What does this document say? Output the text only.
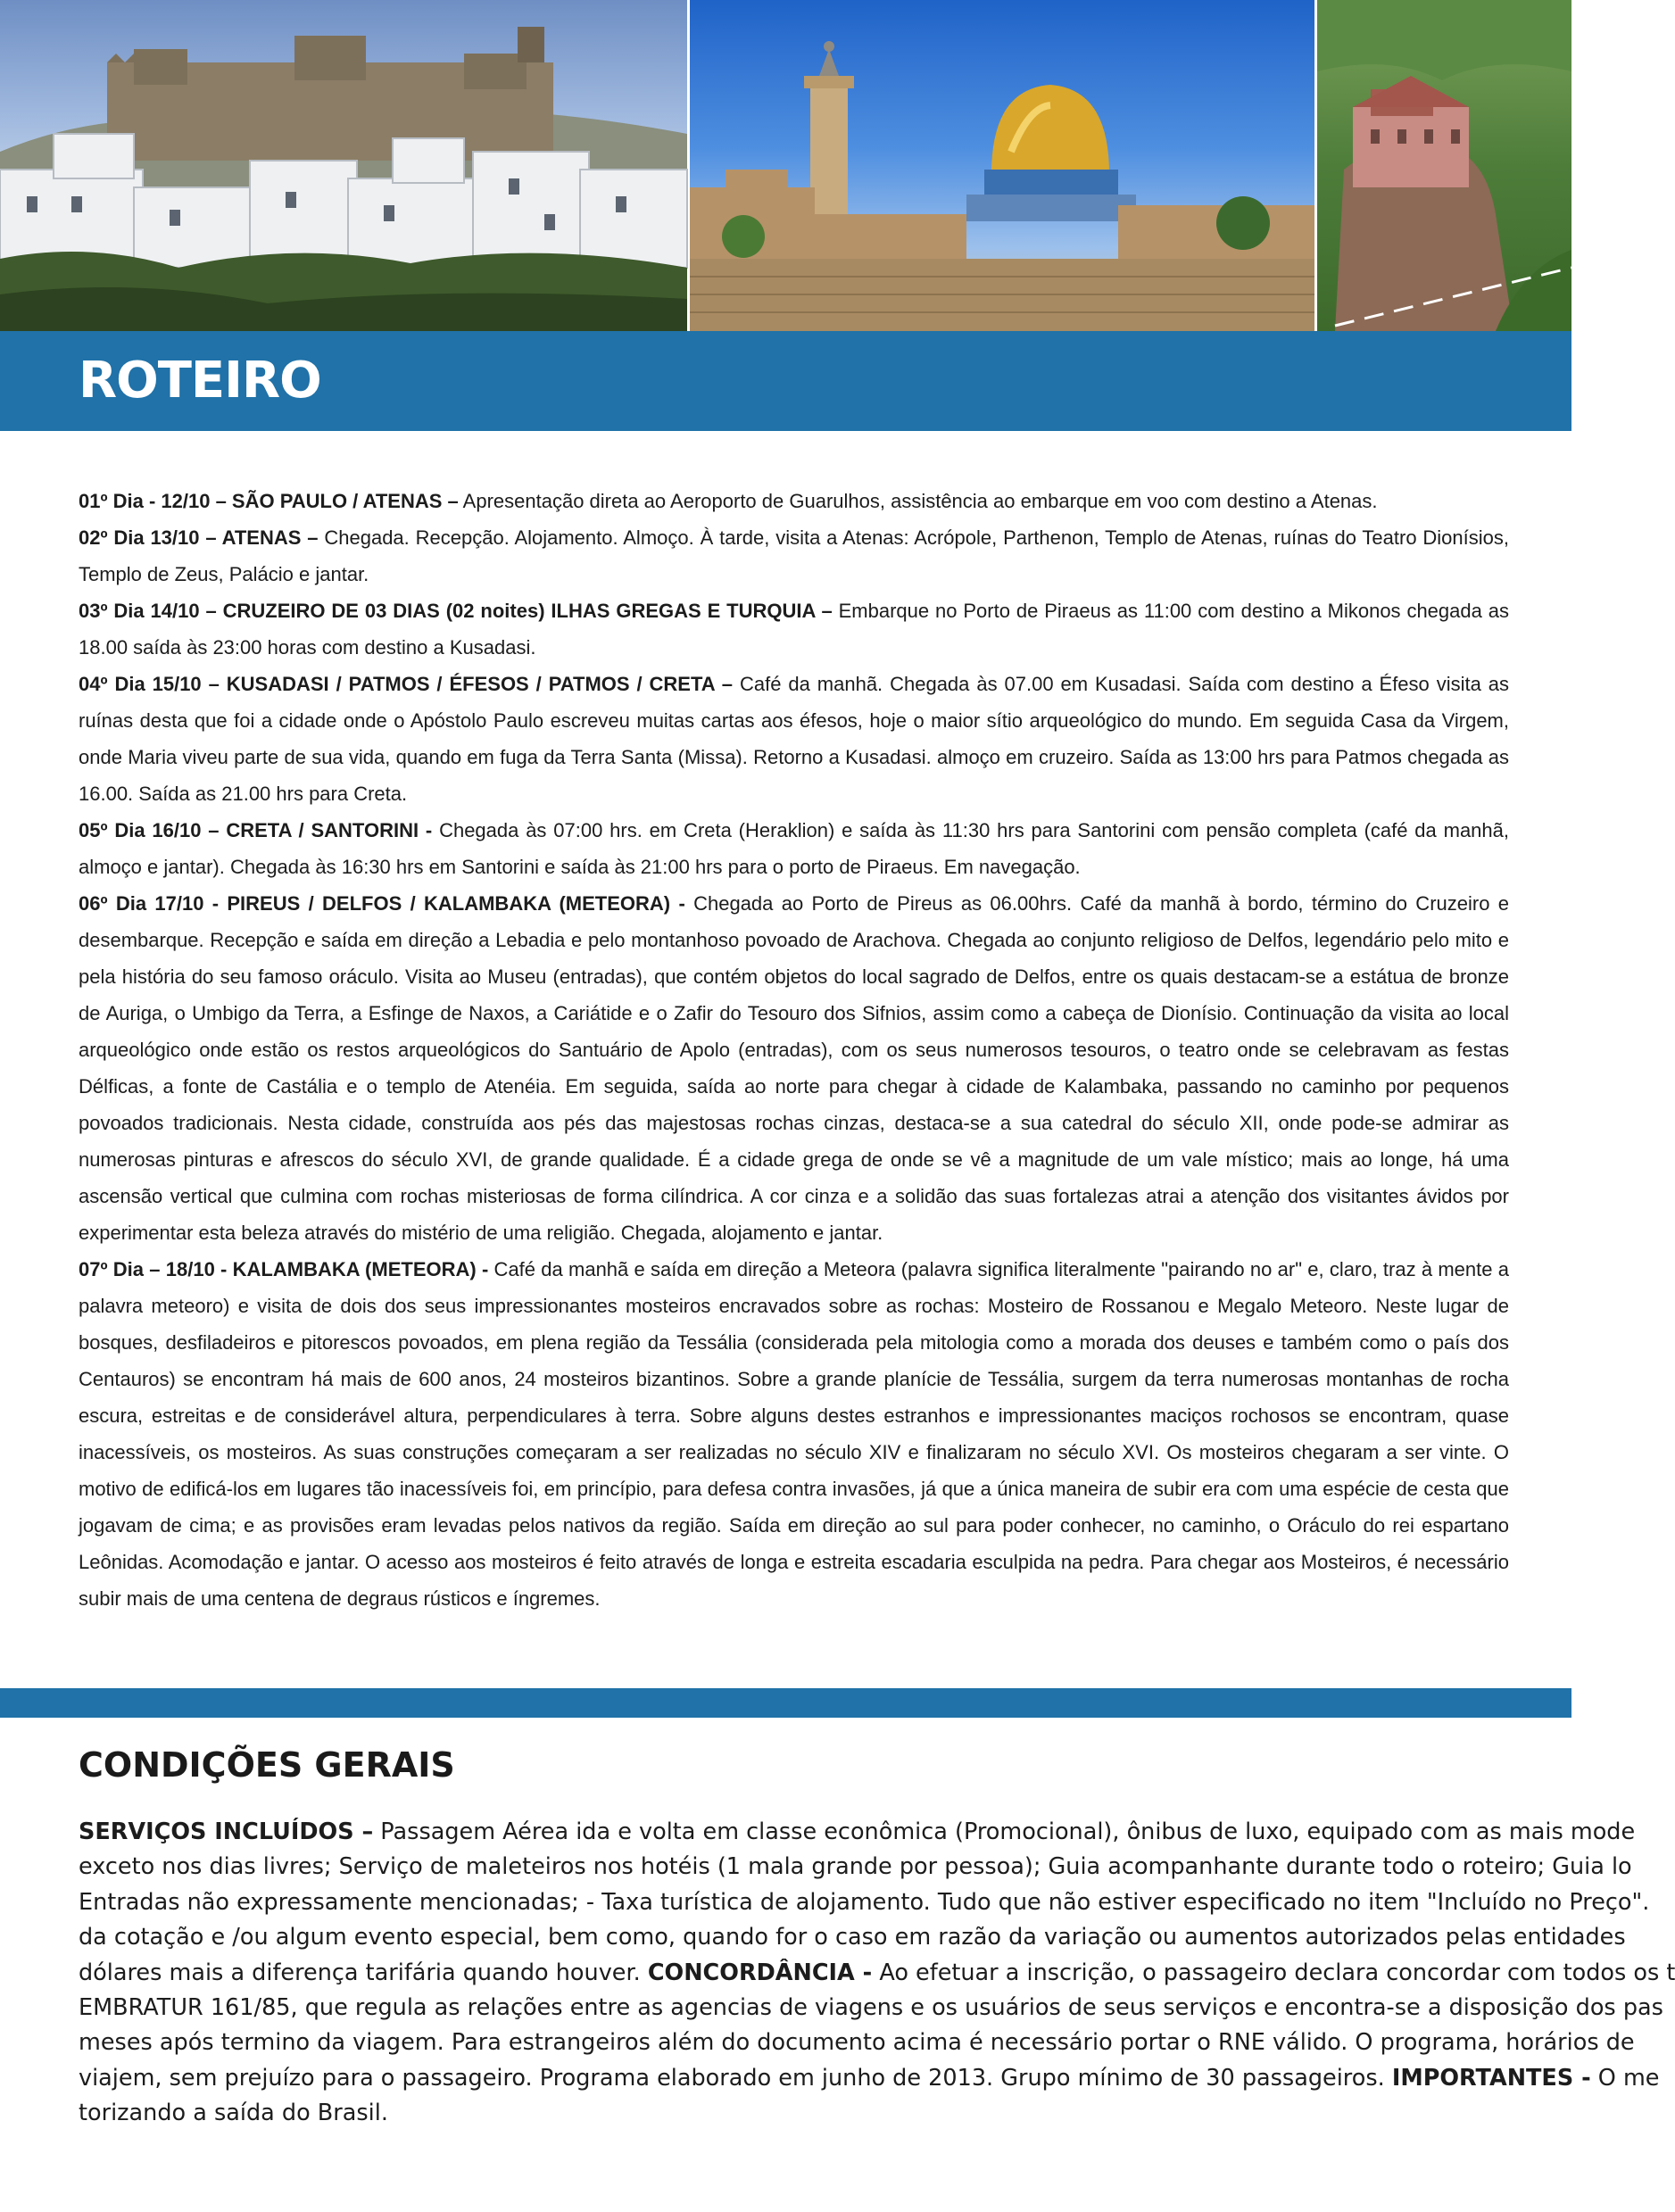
ROTEIRO

01º Dia - 12/10 – SÃO PAULO / ATENAS – Apresentação direta ao Aeroporto de Guarulhos, assistência ao embarque em voo com destino a Atenas.

02º Dia 13/10 – ATENAS – Chegada. Recepção. Alojamento. Almoço. À tarde, visita a Atenas: Acrópole, Parthenon, Templo de Atenas, ruínas do Teatro Dionísios, Templo de Zeus, Palácio e jantar.

03º Dia 14/10 – CRUZEIRO DE 03 DIAS (02 noites) ILHAS GREGAS E TURQUIA – Embarque no Porto de Piraeus as 11:00 com destino a Mikonos chegada as 18.00 saída às 23:00 horas com destino a Kusadasi.

04º Dia 15/10 – KUSADASI / PATMOS / ÉFESOS / PATMOS / CRETA – Café da manhã. Chegada às 07.00 em Kusadasi. Saída com destino a Éfeso visita as ruínas desta que foi a cidade onde o Apóstolo Paulo escreveu muitas cartas aos éfesos, hoje o maior sítio arqueológico do mundo. Em seguida Casa da Virgem, onde Maria viveu parte de sua vida, quando em fuga da Terra Santa (Missa). Retorno a Kusadasi. almoço em cruzeiro. Saída as 13:00 hrs para Patmos chegada as 16.00. Saída as 21.00 hrs para Creta.

05º Dia 16/10 – CRETA / SANTORINI - Chegada às 07:00 hrs. em Creta (Heraklion) e saída às 11:30 hrs para Santorini com pensão completa (café da manhã, almoço e jantar). Chegada às 16:30 hrs em Santorini e saída às 21:00 hrs para o porto de Piraeus. Em navegação.

06º Dia 17/10 - PIREUS / DELFOS / KALAMBAKA (METEORA) - Chegada ao Porto de Pireus as 06.00hrs. Café da manhã à bordo, término do Cruzeiro e desembarque. Recepção e saída em direção a Lebadia e pelo montanhoso povoado de Arachova. Chegada ao conjunto religioso de Delfos, legendário pelo mito e pela história do seu famoso oráculo. Visita ao Museu (entradas), que contém objetos do local sagrado de Delfos, entre os quais destacam-se a estátua de bronze de Auriga, o Umbigo da Terra, a Esfinge de Naxos, a Cariátide e o Zafir do Tesouro dos Sifnios, assim como a cabeça de Dionísio. Continuação da visita ao local arqueológico onde estão os restos arqueológicos do Santuário de Apolo (entradas), com os seus numerosos tesouros, o teatro onde se celebravam as festas Délficas, a fonte de Castália e o templo de Atenéia. Em seguida, saída ao norte para chegar à cidade de Kalambaka, passando no caminho por pequenos povoados tradicionais. Nesta cidade, construída aos pés das majestosas rochas cinzas, destaca-se a sua catedral do século XII, onde pode-se admirar as numerosas pinturas e afrescos do século XVI, de grande qualidade. É a cidade grega de onde se vê a magnitude de um vale místico; mais ao longe, há uma ascensão vertical que culmina com rochas misteriosas de forma cilíndrica. A cor cinza e a solidão das suas fortalezas atrai a atenção dos visitantes ávidos por experimentar esta beleza através do mistério de uma religião. Chegada, alojamento e jantar.

07º Dia – 18/10 - KALAMBAKA (METEORA) - Café da manhã e saída em direção a Meteora (palavra significa literalmente "pairando no ar" e, claro, traz à mente a palavra meteoro) e visita de dois dos seus impressionantes mosteiros encravados sobre as rochas: Mosteiro de Rossanou e Megalo Meteoro. Neste lugar de bosques, desfiladeiros e pitorescos povoados, em plena região da Tessália (considerada pela mitologia como a morada dos deuses e também como o país dos Centauros) se encontram há mais de 600 anos, 24 mosteiros bizantinos. Sobre a grande planície de Tessália, surgem da terra numerosas montanhas de rocha escura, estreitas e de considerável altura, perpendiculares à terra. Sobre alguns destes estranhos e impressionantes maciços rochosos se encontram, quase inacessíveis, os mosteiros. As suas construções começaram a ser realizadas no século XIV e finalizaram no século XVI. Os mosteiros chegaram a ser vinte. O motivo de edificá-los em lugares tão inacessíveis foi, em princípio, para defesa contra invasões, já que a única maneira de subir era com uma espécie de cesta que jogavam de cima; e as provisões eram levadas pelos nativos da região. Saída em direção ao sul para poder conhecer, no caminho, o Oráculo do rei espartano Leônidas. Acomodação e jantar. O acesso aos mosteiros é feito através de longa e estreita escadaria esculpida na pedra. Para chegar aos Mosteiros, é necessário subir mais de uma centena de degraus rústicos e íngremes.

CONDIÇÕES GERAIS
SERVIÇOS INCLUÍDOS – Passagem Aérea ida e volta em classe econômica (Promocional), ônibus de luxo, equipado com as mais mode
exceto nos dias livres; Serviço de maleteiros nos hotéis (1 mala grande por pessoa); Guia acompanhante durante todo o roteiro; Guia lo
Entradas não expressamente mencionadas; - Taxa turística de alojamento. Tudo que não estiver especificado no item "Incluído no Preço".
da cotação e /ou algum evento especial, bem como, quando for o caso em razão da variação ou aumentos autorizados pelas entidades
dólares mais a diferença tarifária quando houver. CONCORDÂNCIA - Ao efetuar a inscrição, o passageiro declara concordar com todos os t
EMBRATUR 161/85, que regula as relações entre as agencias de viagens e os usuários de seus serviços e encontra-se a disposição dos pas
meses após termino da viagem. Para estrangeiros além do documento acima é necessário portar o RNE válido. O programa, horários de
viajem, sem prejuízo para o passageiro. Programa elaborado em junho de 2013. Grupo mínimo de 30 passageiros. IMPORTANTES - O me
torizando a saída do Brasil.
